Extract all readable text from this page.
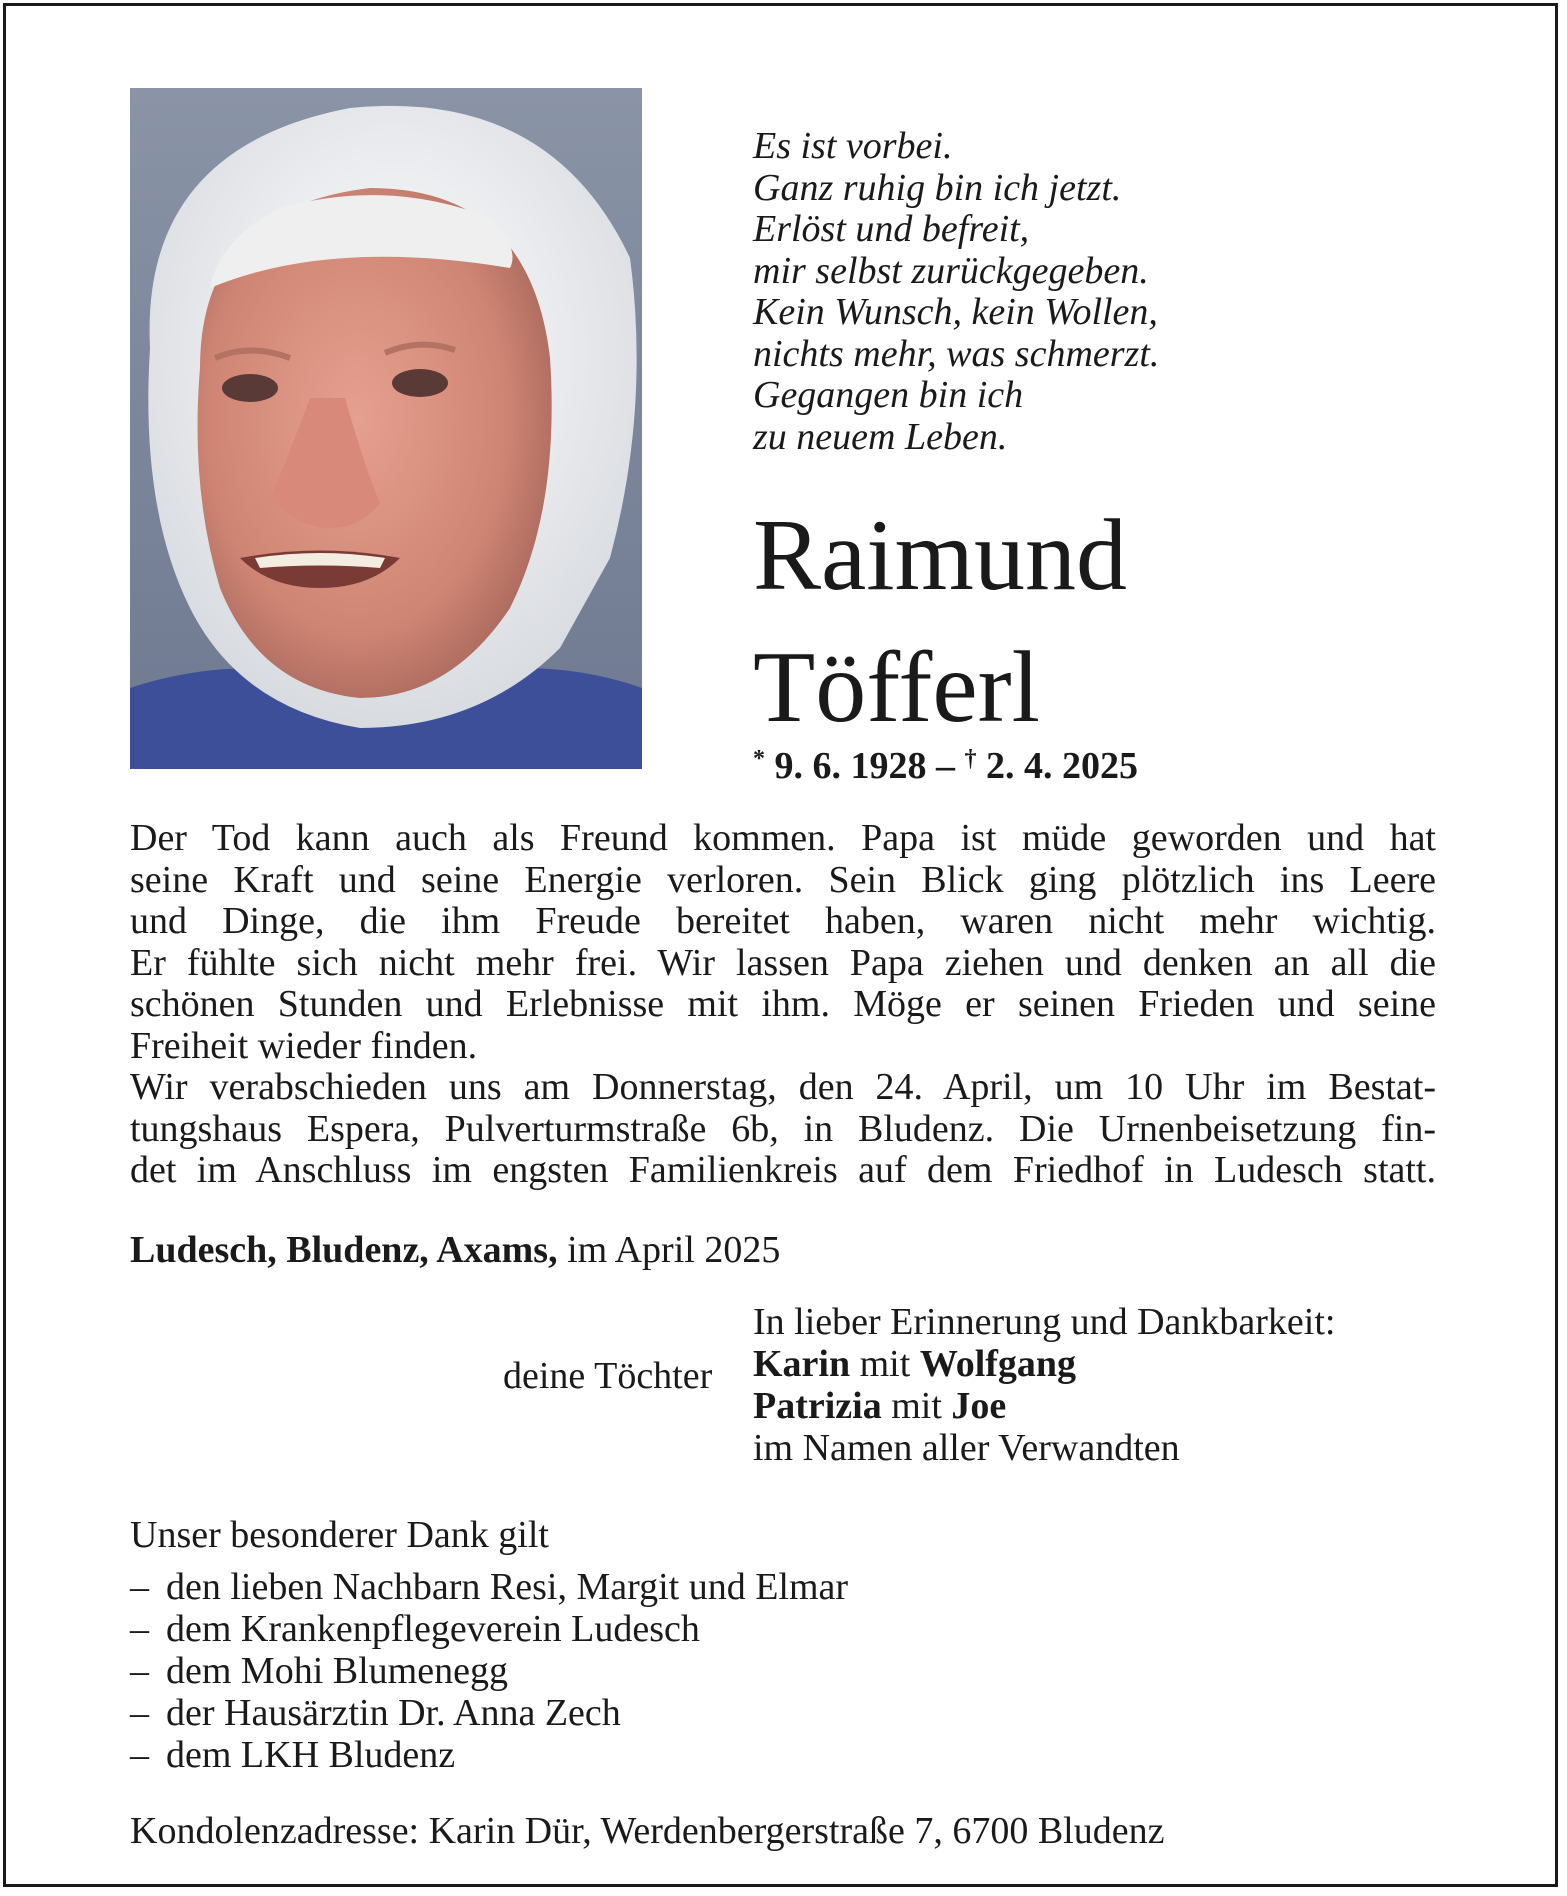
Es ist vorbei.
Ganz ruhig bin ich jetzt.
Erlöst und befreit,
mir selbst zurückgegeben.
Kein Wunsch, kein Wollen,
nichts mehr, was schmerzt.
Gegangen bin ich
zu neuem Leben.
Raimund
Töfferl
* 9. 6. 1928 – † 2. 4. 2025
Der Tod kann auch als Freund kommen. Papa ist müde geworden und hat
seine Kraft und seine Energie verloren. Sein Blick ging plötzlich ins Leere
und Dinge, die ihm Freude bereitet haben, waren nicht mehr wichtig.
Er fühlte sich nicht mehr frei. Wir lassen Papa ziehen und denken an all die
schönen Stunden und Erlebnisse mit ihm. Möge er seinen Frieden und seine
Freiheit wieder finden.
Wir verabschieden uns am Donnerstag, den 24. April, um 10 Uhr im Bestat-
tungshaus Espera, Pulverturmstraße 6b, in Bludenz. Die Urnenbeisetzung fin-
det im Anschluss im engsten Familienkreis auf dem Friedhof in Ludesch statt.
Ludesch, Bludenz, Axams, im April 2025
In lieber Erinnerung und Dankbarkeit:
Karin mit Wolfgang
Patrizia mit Joe
im Namen aller Verwandten
deine Töchter
Unser besonderer Dank gilt
– den lieben Nachbarn Resi, Margit und Elmar
– dem Krankenpflegeverein Ludesch
– dem Mohi Blumenegg
– der Hausärztin Dr. Anna Zech
– dem LKH Bludenz
Kondolenzadresse: Karin Dür, Werdenbergerstraße 7, 6700 Bludenz
